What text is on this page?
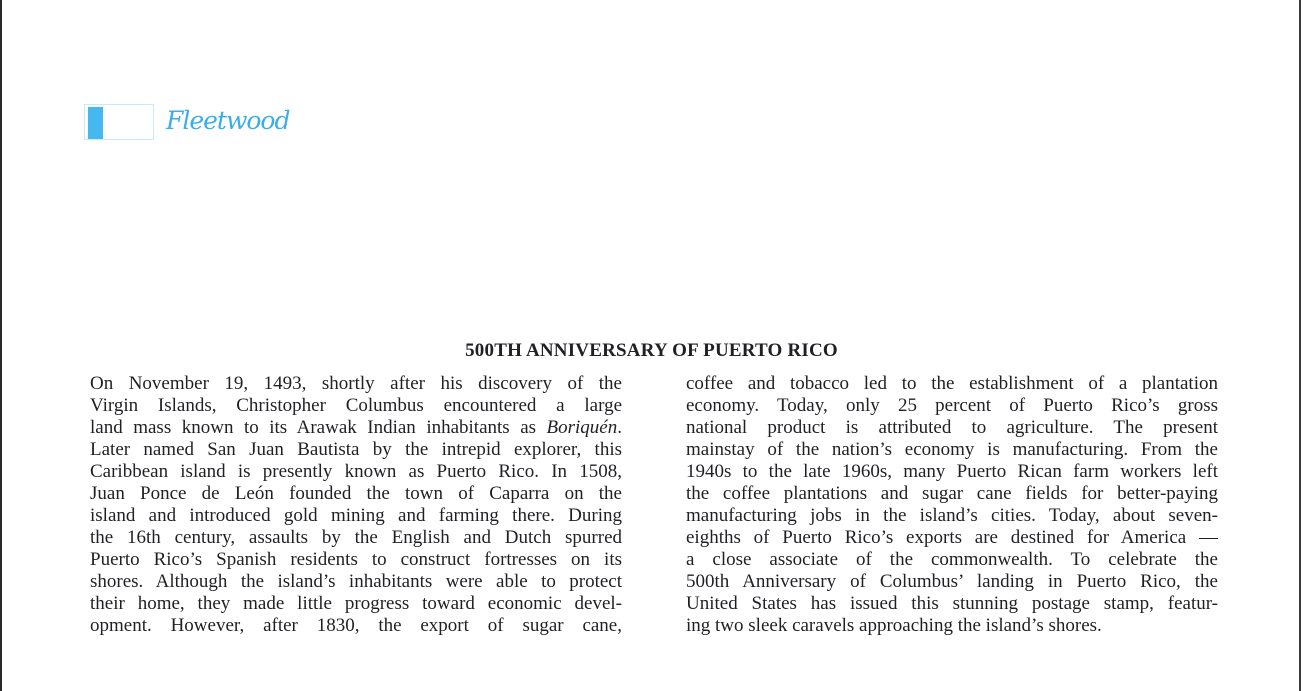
Fleetwood
500TH ANNIVERSARY OF PUERTO RICO
On November 19, 1493, shortly after his discovery of the
Virgin Islands, Christopher Columbus encountered a large
land mass known to its Arawak Indian inhabitants as Boriquén.
Later named San Juan Bautista by the intrepid explorer, this
Caribbean island is presently known as Puerto Rico. In 1508,
Juan Ponce de León founded the town of Caparra on the
island and introduced gold mining and farming there. During
the 16th century, assaults by the English and Dutch spurred
Puerto Rico’s Spanish residents to construct fortresses on its
shores. Although the island’s inhabitants were able to protect
their home, they made little progress toward economic devel-
opment. However, after 1830, the export of sugar cane,
coffee and tobacco led to the establishment of a plantation
economy. Today, only 25 percent of Puerto Rico’s gross
national product is attributed to agriculture. The present
mainstay of the nation’s economy is manufacturing. From the
1940s to the late 1960s, many Puerto Rican farm workers left
the coffee plantations and sugar cane fields for better-paying
manufacturing jobs in the island’s cities. Today, about seven-
eighths of Puerto Rico’s exports are destined for America —
a close associate of the commonwealth. To celebrate the
500th Anniversary of Columbus’ landing in Puerto Rico, the
United States has issued this stunning postage stamp, featur-
ing two sleek caravels approaching the island’s shores.
